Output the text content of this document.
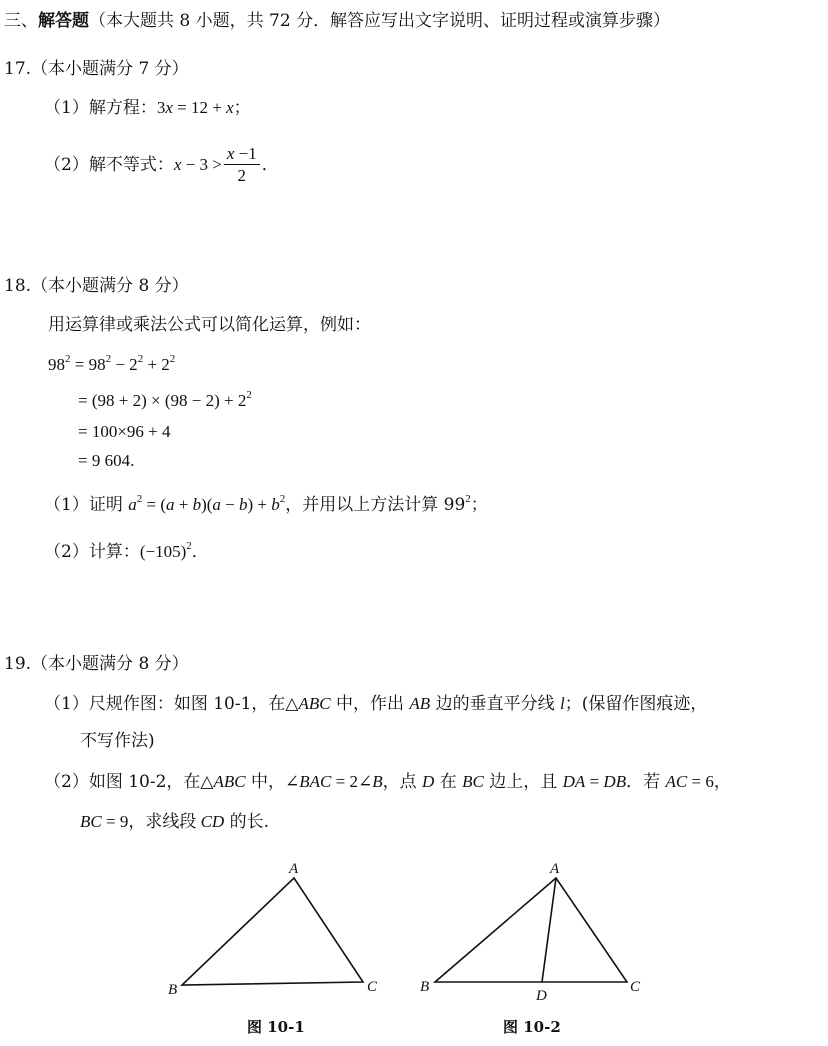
三、解答题（本大题共 8 小题，共 72 分．解答应写出文字说明、证明过程或演算步骤）
17.（本小题满分 7 分）
（1）解方程：3x = 12 + x；
（2）解不等式：$x - 3 > \frac{x -1}{2}$ ．
18.（本小题满分 8 分）
用运算律或乘法公式可以简化运算，例如：
$98^2 = 98^2 - 2^2 + 2^2$
= $(98 + 2) \times (98 - 2) + 2^2$
= 100×96 + 4
= 9 604.
（1）证明 $a^2 = (a + b)(a - b) + b^2$，并用以上方法计算 $99^2$；
（2）计算：$(-105)^2$．
19.（本小题满分 8 分）
（1）尺规作图：如图 10-1，在△ABC 中，作出 AB 边的垂直平分线 l；(保留作图痕迹，
不写作法)
（2）如图 10-2，在△ABC 中，∠BAC = 2∠B，点 D 在 BC 边上，且 DA = DB．若 AC = 6，
BC = 9，求线段 CD 的长.
A
B	C
图 10-1
A
B	C
D
图 10-2
